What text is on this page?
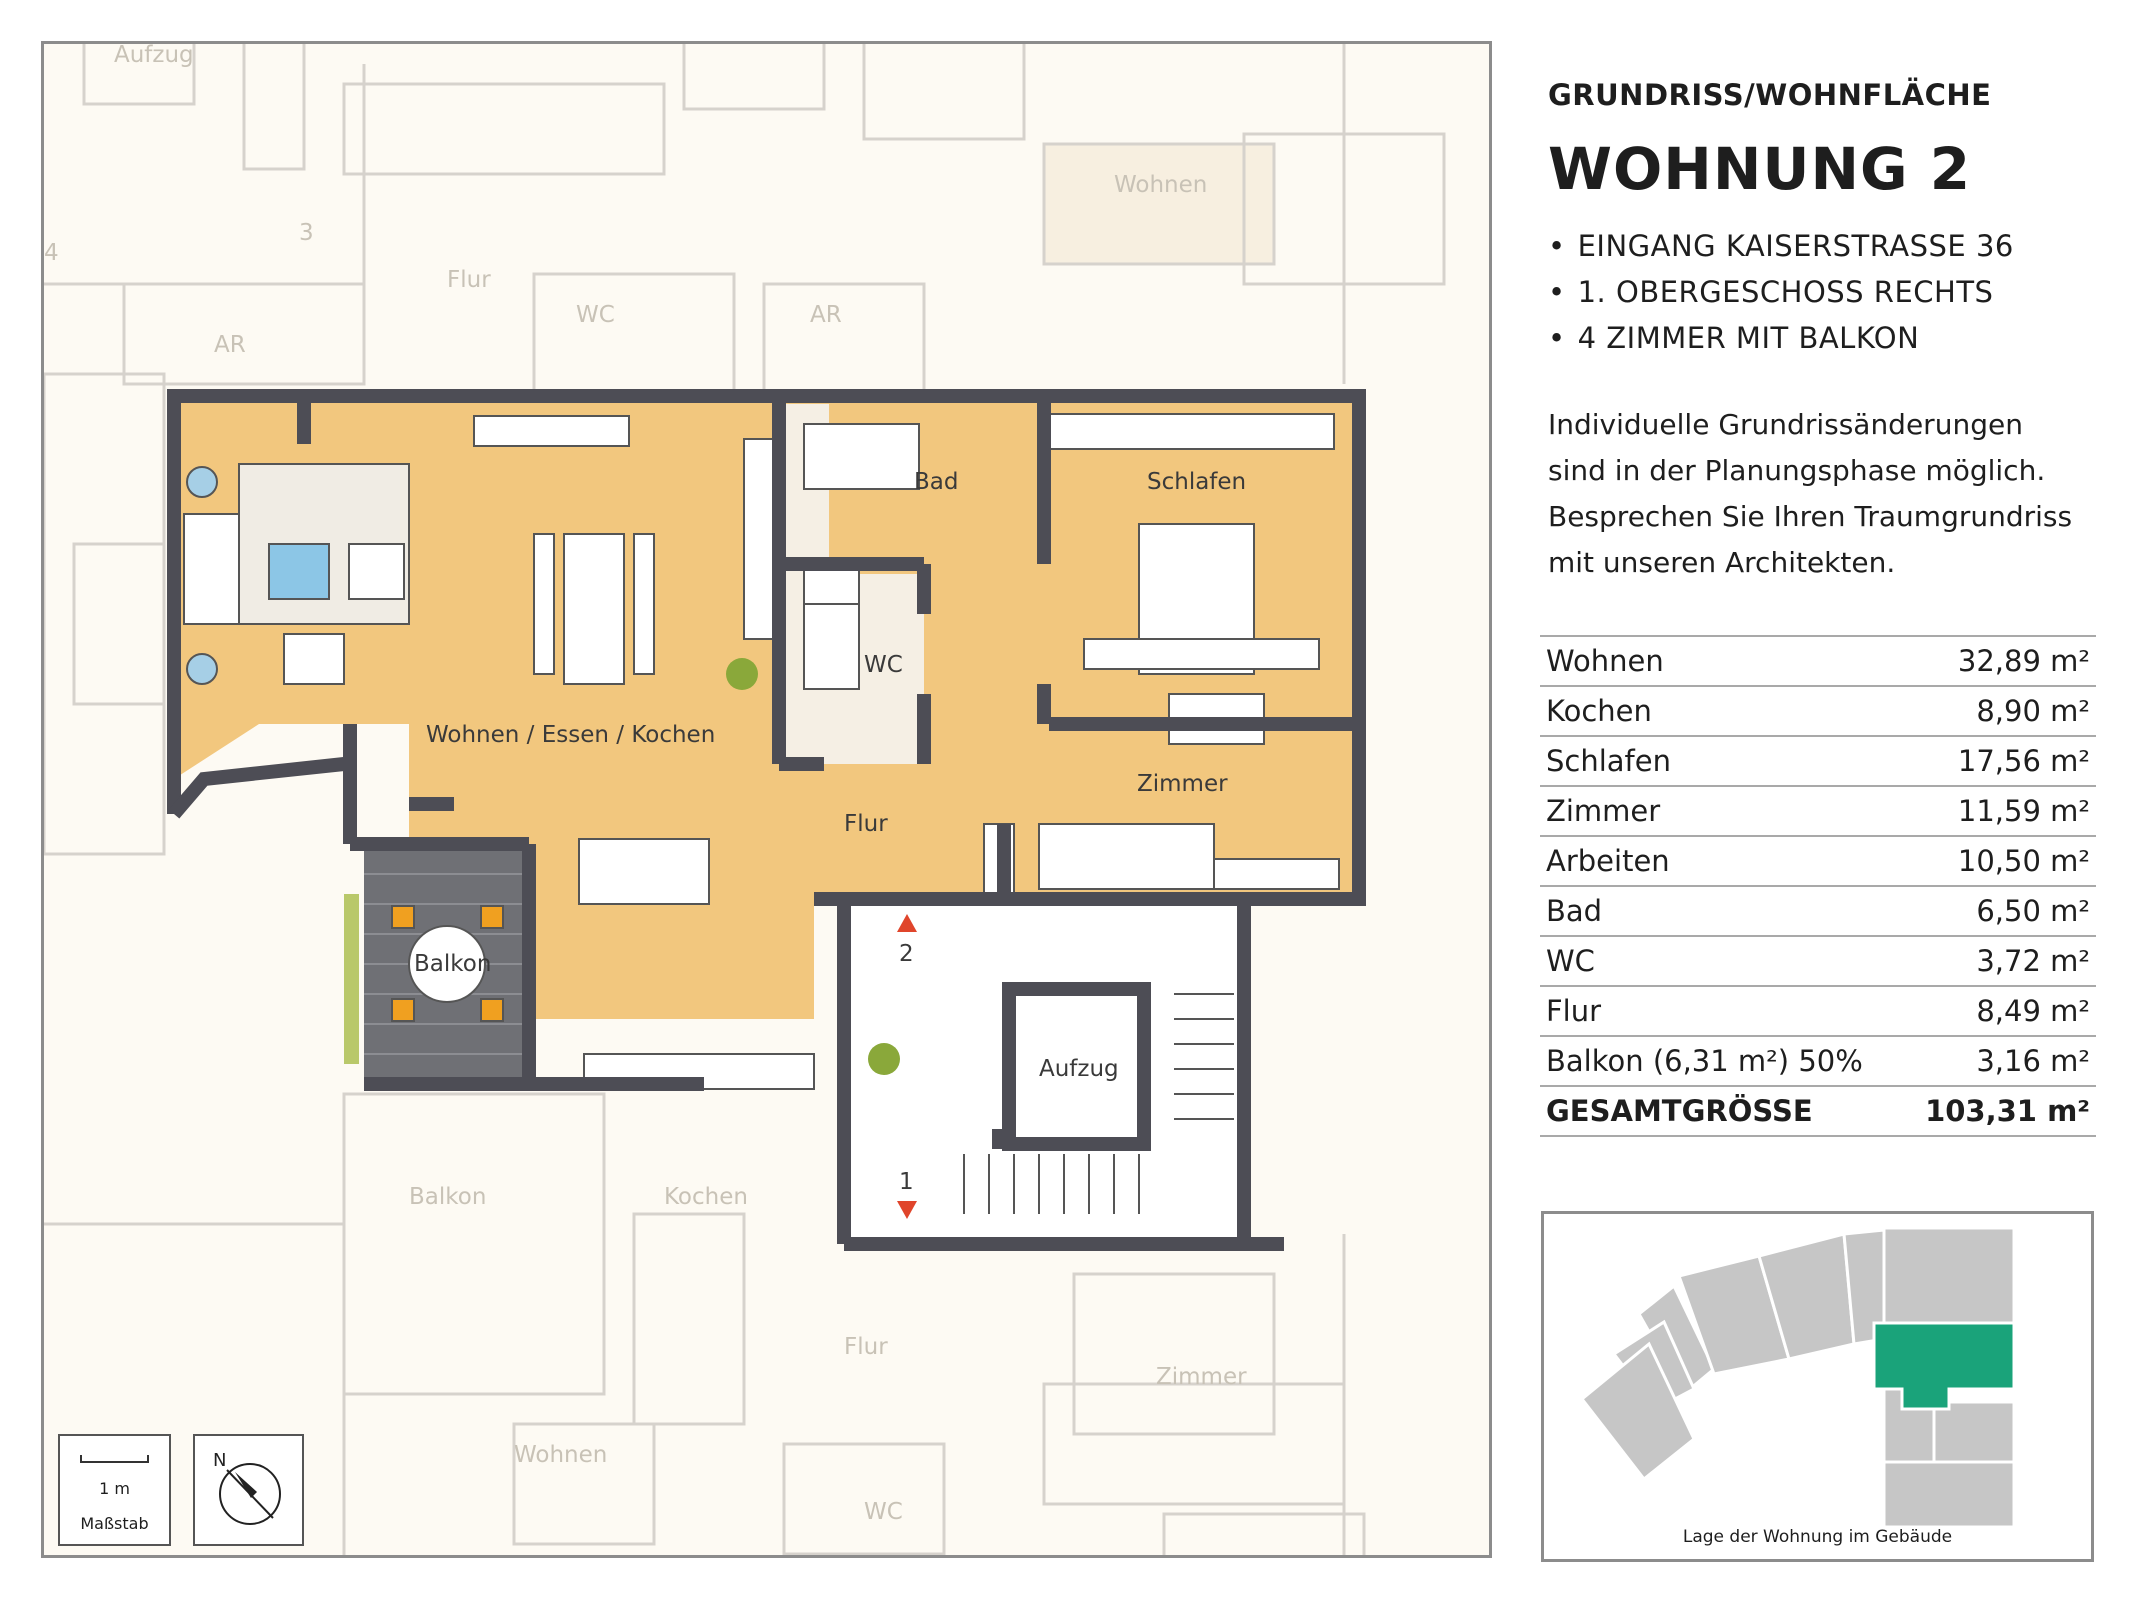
Aufzug
Flur
WC
AR
AR
Wohnen
Balkon	Kochen
Flur
Zimmer
Wohnen
WC
3
4
Wohnen / Essen / Kochen
Bad
WC
Schlafen
Zimmer
Flur
Balkon
Aufzug
2
1
1 m
Maßstab
N
GRUNDRISS/WOHNFLÄCHE
WOHNUNG 2
• EINGANG KAISERSTRASSE 36
• 1. OBERGESCHOSS RECHTS
• 4 ZIMMER MIT BALKON
Individuelle Grundrissänderungen
sind in der Planungsphase möglich.
Besprechen Sie Ihren Traumgrundriss
mit unseren Architekten.
Wohnen	32,89 m²
Kochen	8,90 m²
Schlafen	17,56 m²
Zimmer	11,59 m²
Arbeiten	10,50 m²
Bad	6,50 m²
WC	3,72 m²
Flur	8,49 m²
Balkon (6,31 m²) 50%	3,16 m²
GESAMTGRÖSSE	103,31 m²
Lage der Wohnung im Gebäude
